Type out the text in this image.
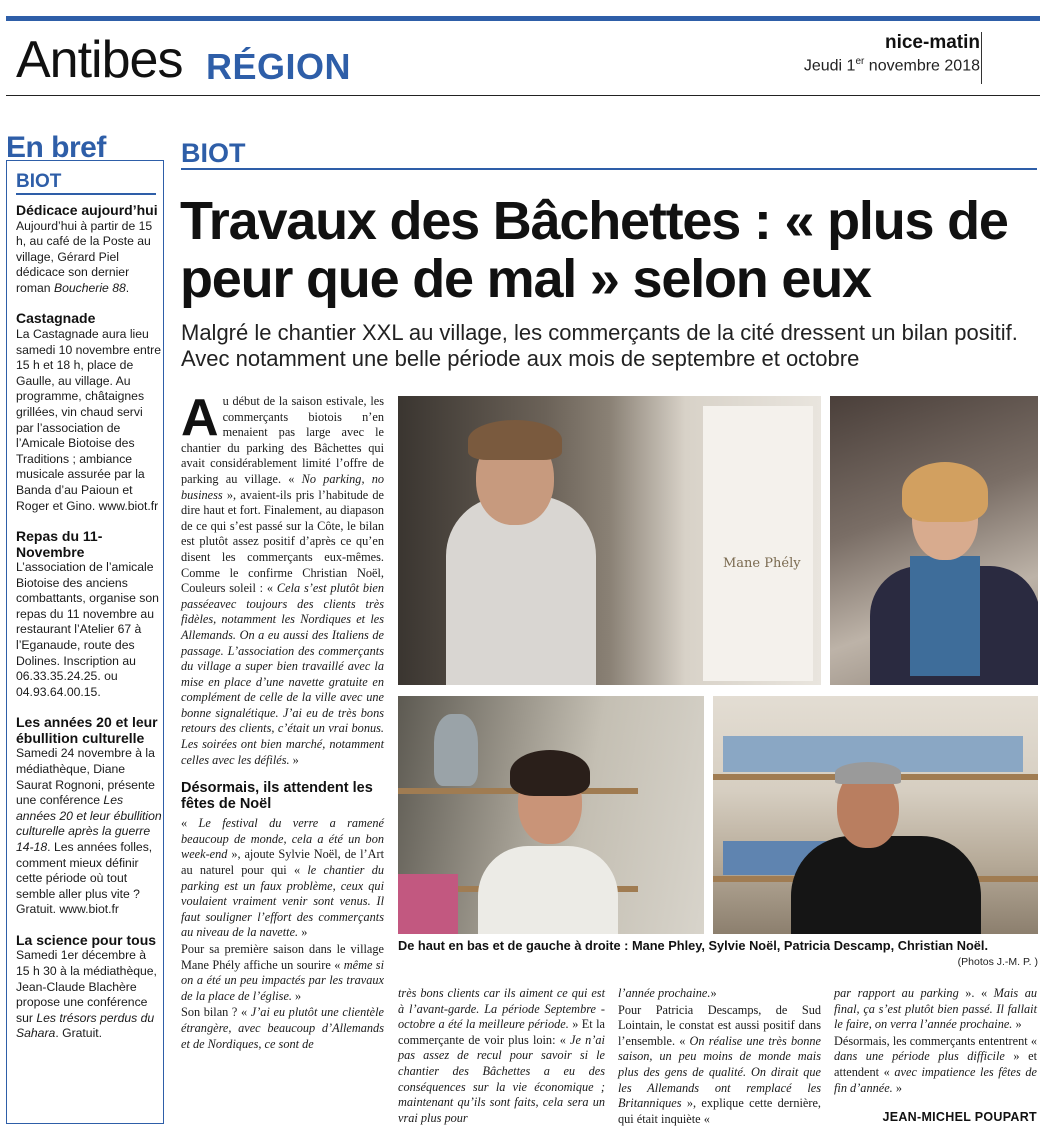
Antibes RÉGION
nice-matin
Jeudi 1er novembre 2018
En bref
BIOT
Dédicace aujourd’hui

Aujourd’hui à partir de 15 h, au café de la Poste au village, Gérard Piel dédicace son dernier roman Boucherie 88.

Castagnade

La Castagnade aura lieu samedi 10 novembre entre 15 h et 18 h, place de Gaulle, au village. Au programme, châtaignes grillées, vin chaud servi par l’association de l’Amicale Biotoise des Traditions ; ambiance musicale assurée par la Banda d’au Paioun et Roger et Gino. www.biot.fr

Repas du 11-Novembre

L’association de l’amicale Biotoise des anciens combattants, organise son repas du 11 novembre au restaurant l’Atelier 67 à l’Eganaude, route des Dolines. Inscription au 06.33.35.24.25. ou 04.93.64.00.15.

Les années 20 et leur ébullition culturelle

Samedi 24 novembre à la médiathèque, Diane Saurat Rognoni, présente une conférence Les années 20 et leur ébullition culturelle après la guerre 14-18. Les années folles, comment mieux définir cette période où tout semble aller plus vite ? Gratuit. www.biot.fr

La science pour tous

Samedi 1er décembre à 15 h 30 à la médiathèque, Jean-Claude Blachère propose une conférence sur Les trésors perdus du Sahara. Gratuit.

BIOT
Travaux des Bâchettes : « plus de peur que de mal » selon eux

Malgré le chantier XXL au village, les commerçants de la cité dressent un bilan positif. Avec notamment une belle période aux mois de septembre et octobre

Au début de la saison estivale, les commerçants biotois n’en menaient pas large avec le chantier du parking des Bâchettes qui avait considérablement limité l’offre de parking au village. « No parking, no business », avaient-ils pris l’habitude de dire haut et fort. Finalement, au diapason de ce qui s’est passé sur la Côte, le bilan est plutôt assez positif d’après ce qu’en disent les commerçants eux-mêmes. Comme le confirme Christian Noël, Couleurs soleil : « Cela s’est plutôt bien passéeavec toujours des clients très fidèles, notamment les Nordiques et les Allemands. On a eu aussi des Italiens de passage. L’association des commerçants du village a super bien travaillé avec la mise en place d’une navette gratuite en complément de celle de la ville avec une bonne signalétique. J’ai eu de très bons retours des clients, c’était un vrai bonus. Les soirées ont bien marché, notamment celles avec les défilés. »

Désormais, ils attendent les fêtes de Noël

« Le festival du verre a ramené beaucoup de monde, cela a été un bon week-end », ajoute Sylvie Noël, de l’Art au naturel pour qui « le chantier du parking est un faux problème, ceux qui voulaient vraiment venir sont venus. Il faut souligner l’effort des commerçants au niveau de la navette. »

Pour sa première saison dans le village Mane Phély affiche un sourire « même si on a été un peu impactés par les travaux de la place de l’église. »

Son bilan ? « J’ai eu plutôt une clientèle étrangère, avec beaucoup d’Allemands et de Nordiques, ce sont de

très bons clients car ils aiment ce qui est à l’avant-garde. La période Septembre - octobre a été la meilleure période. » Et la commerçante de voir plus loin: « Je n’ai pas assez de recul pour savoir si le chantier des Bâchettes a eu des conséquences sur la vie économique ; maintenant qu’ils sont faits, cela sera un vrai plus pour

l’année prochaine.»

Pour Patricia Descamps, de Sud Lointain, le constat est aussi positif dans l’ensemble. « On réalise une très bonne saison, un peu moins de monde mais plus des gens de qualité. On dirait que les Allemands ont remplacé les Britanniques », explique cette dernière, qui était inquiète «

par rapport au parking ». « Mais au final, ça s’est plutôt bien passé. Il fallait le faire, on verra l’année prochaine. »

Désormais, les commerçants ententrent « dans une période plus difficile » et attendent « avec impatience les fêtes de fin d’année. »

JEAN-MICHEL POUPART
Mane Phély
De haut en bas et de gauche à droite : Mane Phley, Sylvie Noël, Patricia Descamp, Christian Noël.
(Photos J.-M. P. )
